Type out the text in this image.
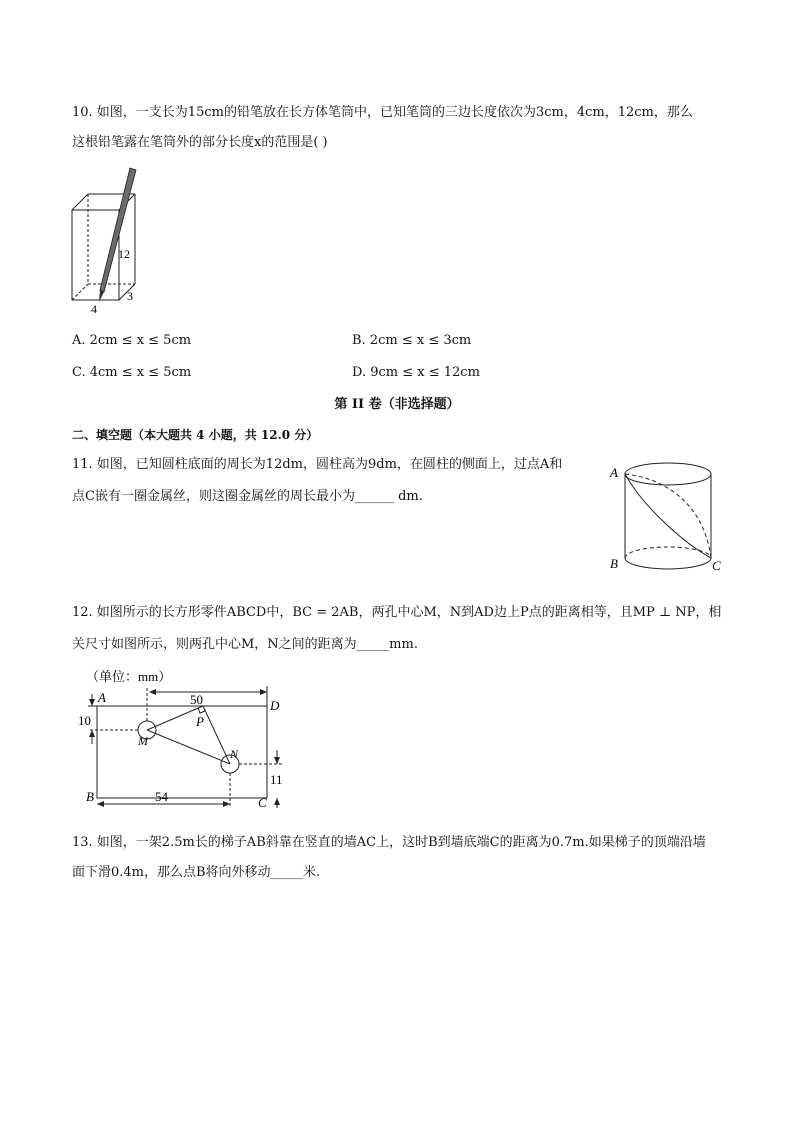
10. 如图，一支长为15cm的铅笔放在长方体笔筒中，已知笔筒的三边长度依次为3cm，4cm，12cm，那么
这根铅笔露在笔筒外的部分长度x的范围是( )
12
4
3
A. 2cm ≤ x ≤ 5cm	B. 2cm ≤ x ≤ 3cm
C. 4cm ≤ x ≤ 5cm	D. 9cm ≤ x ≤ 12cm
第 II 卷（非选择题）
二、填空题（本大题共 4 小题，共 12.0 分）
11. 如图，已知圆柱底面的周长为12dm，圆柱高为9dm，在圆柱的侧面上，过点A和
点C嵌有一圈金属丝，则这圈金属丝的周长最小为______ dm.
A
B	C
12. 如图所示的长方形零件ABCD中，BC = 2AB，两孔中心M，N到AD边上P点的距离相等，且MP ⊥ NP，相
关尺寸如图所示，则两孔中心M，N之间的距离为_____mm.
（单位：mm）
50
10
11
54
A
D
B	C
M
N
P
13. 如图，一架2.5m长的梯子AB斜靠在竖直的墙AC上，这时B到墙底端C的距离为0.7m.如果梯子的顶端沿墙
面下滑0.4m，那么点B将向外移动_____米.
